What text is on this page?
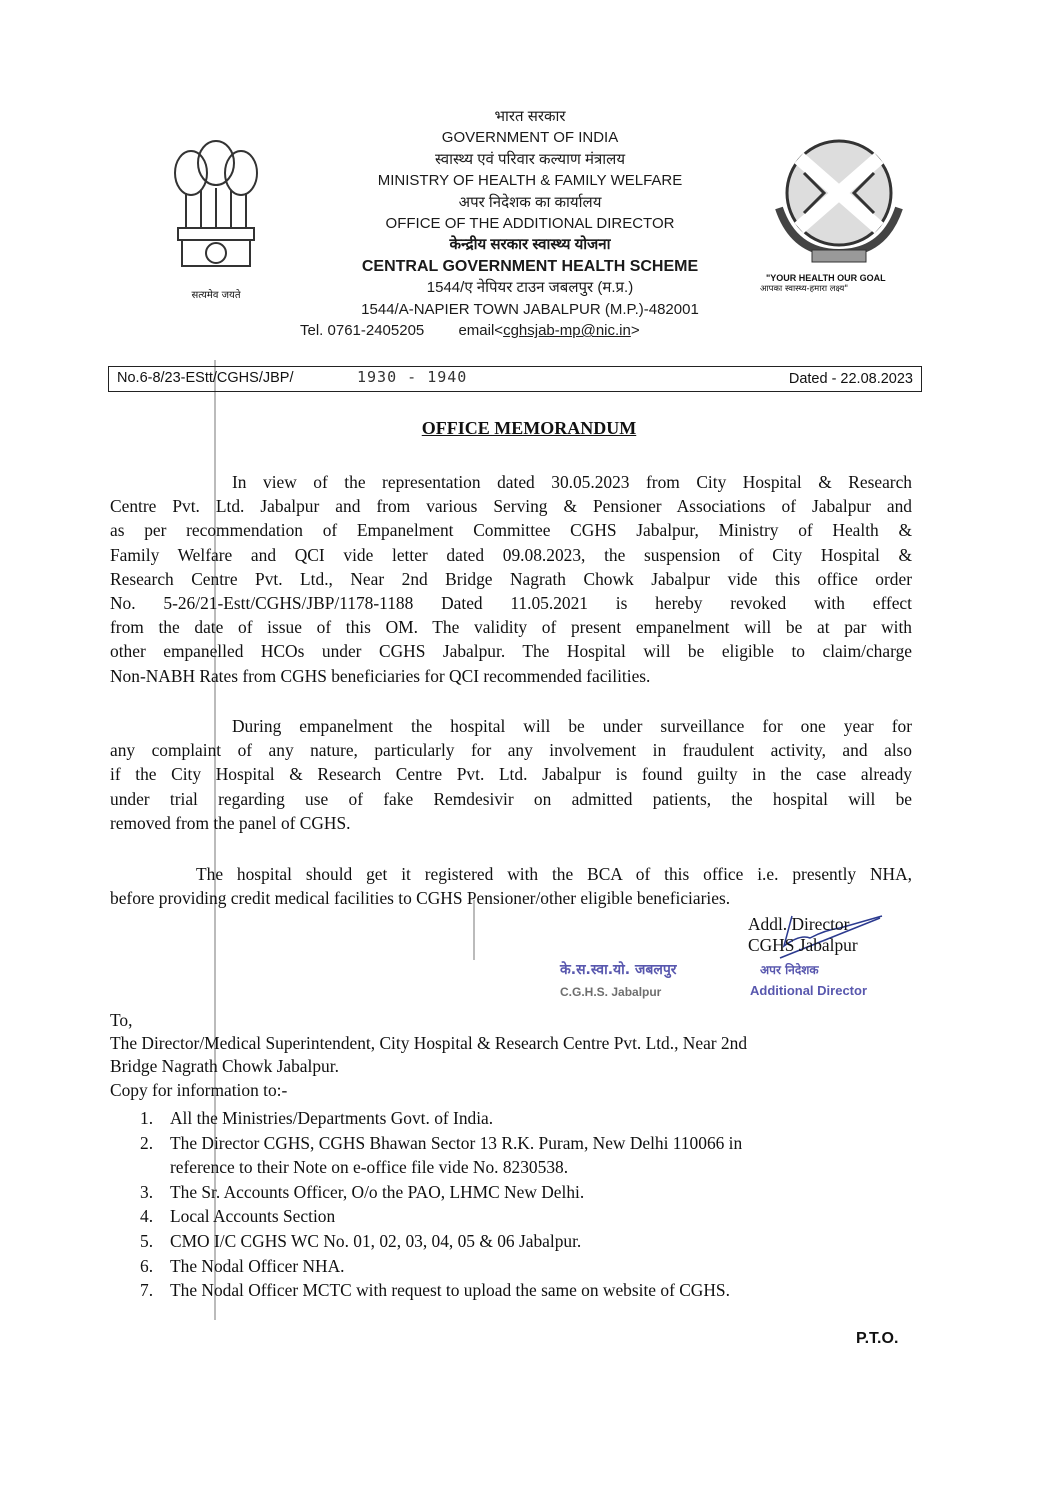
सत्यमेव जयते
भारत सरकार
GOVERNMENT OF INDIA
स्वास्थ्य एवं परिवार कल्याण मंत्रालय
MINISTRY OF HEALTH & FAMILY WELFARE
अपर निदेशक का कार्यालय
OFFICE OF THE ADDITIONAL DIRECTOR
केन्द्रीय सरकार स्वास्थ्य योजना
CENTRAL GOVERNMENT HEALTH SCHEME
1544/ए नेपियर टाउन जबलपुर (म.प्र.)
1544/A-NAPIER TOWN JABALPUR (M.P.)-482001
Tel. 0761-2405205 email<cghsjab-mp@nic.in>
"YOUR HEALTH OUR GOAL
आपका स्वास्थ्य-हमारा लक्ष्य"
No.6-8/23-EStt/CGHS/JBP/	1930 - 1940	Dated - 22.08.2023
OFFICE MEMORANDUM
In view of the representation dated 30.05.2023 from City Hospital & Research
Centre Pvt. Ltd. Jabalpur and from various Serving & Pensioner Associations of Jabalpur and
as per recommendation of Empanelment Committee CGHS Jabalpur, Ministry of Health &
Family Welfare and QCI vide letter dated 09.08.2023, the suspension of City Hospital &
Research Centre Pvt. Ltd., Near 2nd Bridge Nagrath Chowk Jabalpur vide this office order
No. 5-26/21-Estt/CGHS/JBP/1178-1188 Dated 11.05.2021 is hereby revoked with effect
from the date of issue of this OM. The validity of present empanelment will be at par with
other empanelled HCOs under CGHS Jabalpur. The Hospital will be eligible to claim/charge
Non-NABH Rates from CGHS beneficiaries for QCI recommended facilities.
During empanelment the hospital will be under surveillance for one year for
any complaint of any nature, particularly for any involvement in fraudulent activity, and also
if the City Hospital & Research Centre Pvt. Ltd. Jabalpur is found guilty in the case already
under trial regarding use of fake Remdesivir on admitted patients, the hospital will be
removed from the panel of CGHS.
The hospital should get it registered with the BCA of this office i.e. presently NHA,
before providing credit medical facilities to CGHS Pensioner/other eligible beneficiaries.
Addl. Director
CGHS Jabalpur
अपर निदेशक
Additional Director
के.स.स्वा.यो. जबलपुर
C.G.H.S. Jabalpur
To,
The Director/Medical Superintendent, City Hospital & Research Centre Pvt. Ltd., Near 2nd
Bridge Nagrath Chowk Jabalpur.
Copy for information to:-
1. All the Ministries/Departments Govt. of India.
2. The Director CGHS, CGHS Bhawan Sector 13 R.K. Puram, New Delhi 110066 in
reference to their Note on e-office file vide No. 8230538.
3. The Sr. Accounts Officer, O/o the PAO, LHMC New Delhi.
4. Local Accounts Section
5. CMO I/C CGHS WC No. 01, 02, 03, 04, 05 & 06 Jabalpur.
6. The Nodal Officer NHA.
7. The Nodal Officer MCTC with request to upload the same on website of CGHS.
P.T.O.
